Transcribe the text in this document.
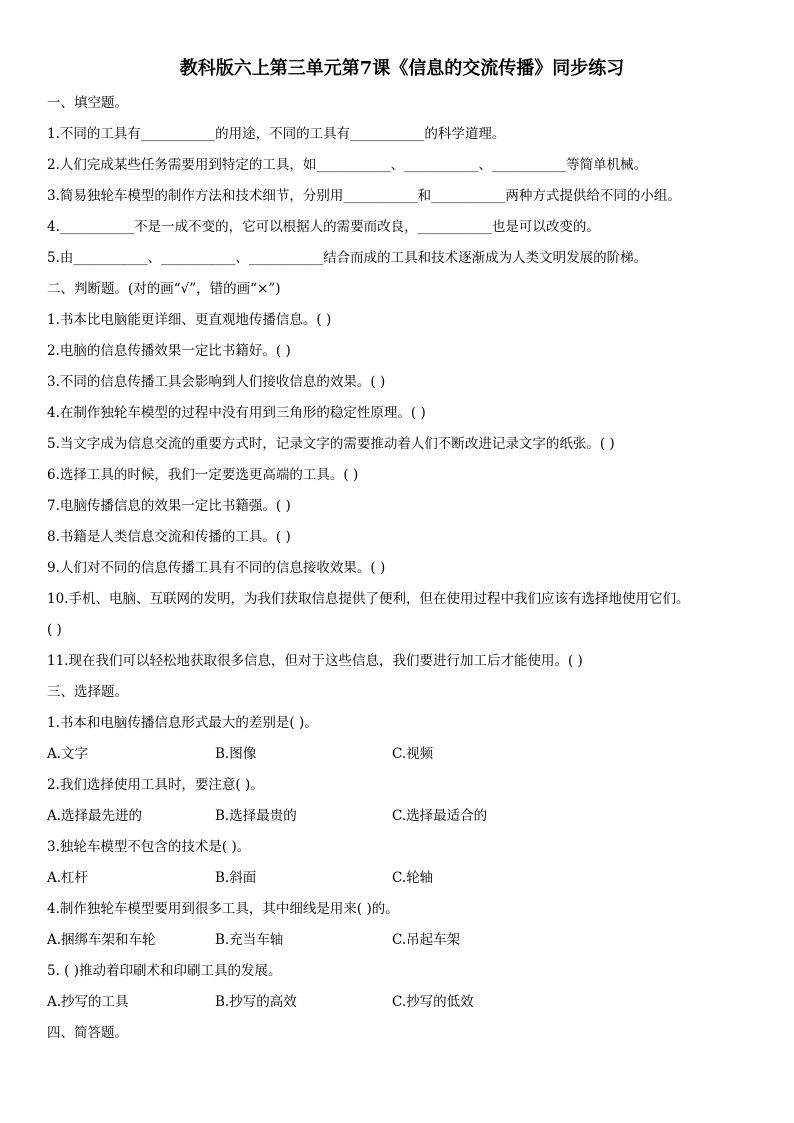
教科版六上第三单元第7课《信息的交流传播》同步练习
一、填空题。
1.不同的工具有___________的用途，不同的工具有___________的科学道理。
2.人们完成某些任务需要用到特定的工具，如___________、___________、___________等简单机械。
3.简易独轮车模型的制作方法和技术细节，分别用___________和___________两种方式提供给不同的小组。
4.___________不是一成不变的，它可以根据人的需要而改良，___________也是可以改变的。
5.由___________、___________、___________结合而成的工具和技术逐渐成为人类文明发展的阶梯。
二、判断题。(对的画“√”，错的画“×”)
1.书本比电脑能更详细、更直观地传播信息。( )
2.电脑的信息传播效果一定比书籍好。( )
3.不同的信息传播工具会影响到人们接收信息的效果。( )
4.在制作独轮车模型的过程中没有用到三角形的稳定性原理。( )
5.当文字成为信息交流的重要方式时，记录文字的需要推动着人们不断改进记录文字的纸张。( )
6.选择工具的时候，我们一定要选更高端的工具。( )
7.电脑传播信息的效果一定比书籍强。( )
8.书籍是人类信息交流和传播的工具。( )
9.人们对不同的信息传播工具有不同的信息接收效果。( )
10.手机、电脑、互联网的发明，为我们获取信息提供了便利，但在使用过程中我们应该有选择地使用它们。
( )
11.现在我们可以轻松地获取很多信息，但对于这些信息，我们要进行加工后才能使用。( )
三、选择题。
1.书本和电脑传播信息形式最大的差别是( )。
A.文字	B.图像	C.视频
2.我们选择使用工具时，要注意( )。
A.选择最先进的	B.选择最贵的	C.选择最适合的
3.独轮车模型不包含的技术是( )。
A.杠杆	B.斜面	C.轮轴
4.制作独轮车模型要用到很多工具，其中细线是用来( )的。
A.捆绑车架和车轮	B.充当车轴	C.吊起车架
5. ( )推动着印刷术和印刷工具的发展。
A.抄写的工具	B.抄写的高效	C.抄写的低效
四、简答题。
